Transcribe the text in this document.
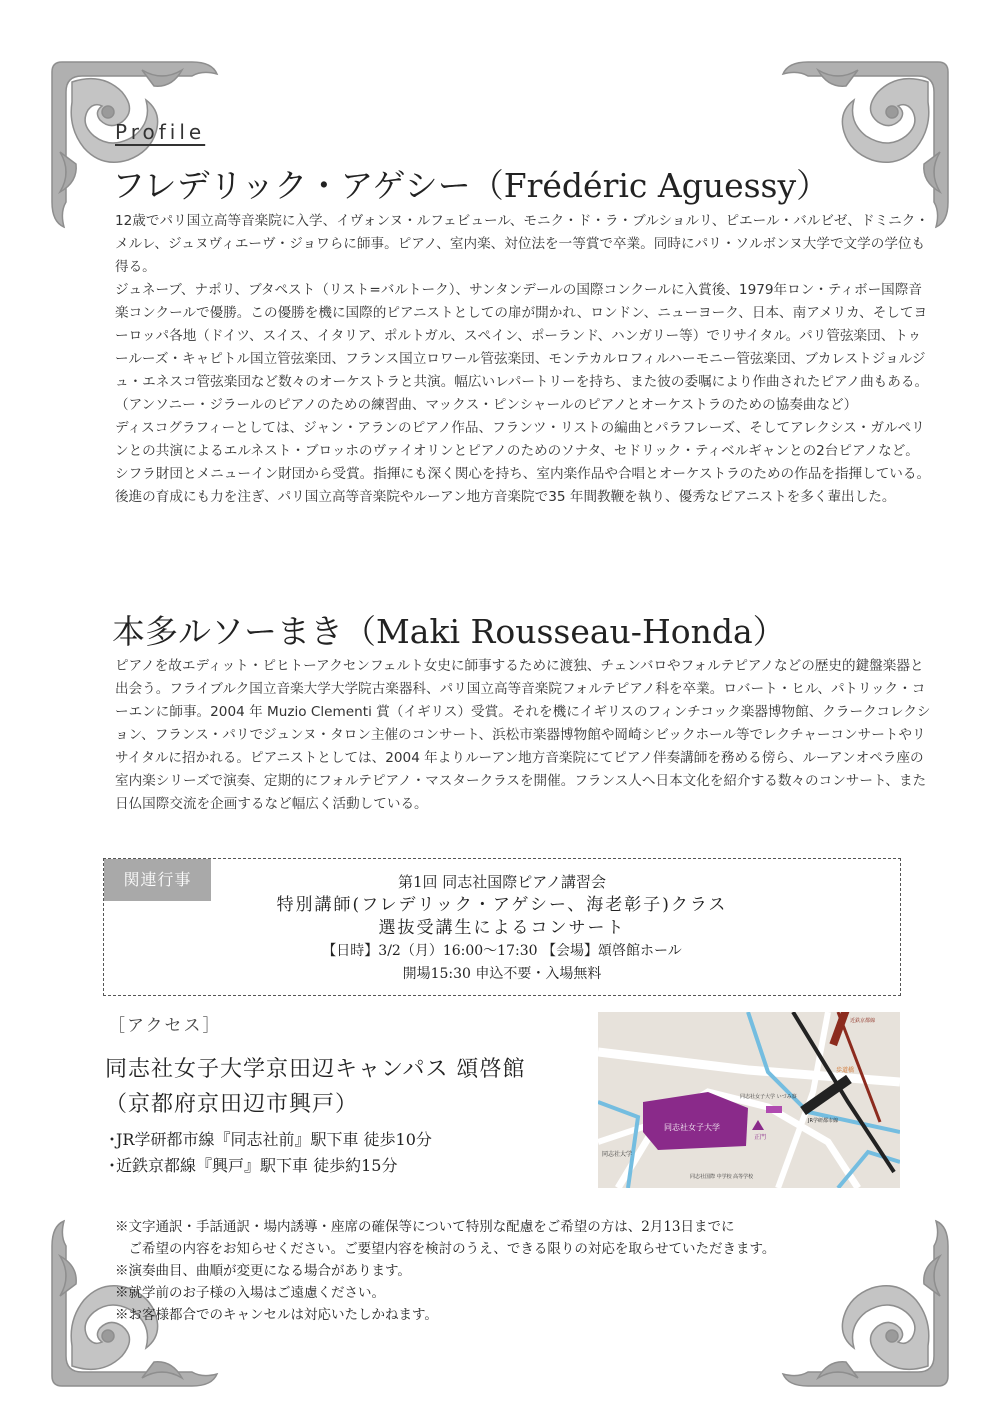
Profile
フレデリック・アゲシー（Frédéric Aguessy）

12歳でパリ国立高等音楽院に入学、イヴォンヌ・ルフェビュール、モニク・ド・ラ・ブルショルリ、ピエール・バルビゼ、ドミニク・メルレ、ジュヌヴィエーヴ・ジョワらに師事。ピアノ、室内楽、対位法を一等賞で卒業。同時にパリ・ソルボンヌ大学で文学の学位も得る。

ジュネーブ、ナポリ、ブタペスト（リスト=バルトーク）、サンタンデールの国際コンクールに入賞後、1979年ロン・ティボー国際音楽コンクールで優勝。この優勝を機に国際的ピアニストとしての扉が開かれ、ロンドン、ニューヨーク、日本、南アメリカ、そしてヨーロッパ各地（ドイツ、スイス、イタリア、ポルトガル、スペイン、ポーランド、ハンガリー等）でリサイタル。パリ管弦楽団、トゥールーズ・キャピトル国立管弦楽団、フランス国立ロワール管弦楽団、モンテカルロフィルハーモニー管弦楽団、ブカレストジョルジュ・エネスコ管弦楽団など数々のオーケストラと共演。幅広いレパートリーを持ち、また彼の委嘱により作曲されたピアノ曲もある。（アンソニー・ジラールのピアノのための練習曲、マックス・ピンシャールのピアノとオーケストラのための協奏曲など）

ディスコグラフィーとしては、ジャン・アランのピアノ作品、フランツ・リストの編曲とパラフレーズ、そしてアレクシス・ガルペリンとの共演によるエルネスト・ブロッホのヴァイオリンとピアノのためのソナタ、セドリック・ティベルギャンとの2台ピアノなど。

シフラ財団とメニューイン財団から受賞。指揮にも深く関心を持ち、室内楽作品や合唱とオーケストラのための作品を指揮している。

後進の育成にも力を注ぎ、パリ国立高等音楽院やルーアン地方音楽院で35 年間教鞭を執り、優秀なピアニストを多く輩出した。

本多ルソーまき（Maki Rousseau-Honda）

ピアノを故エディット・ピヒトーアクセンフェルト女史に師事するために渡独、チェンバロやフォルテピアノなどの歴史的鍵盤楽器と出会う。フライブルク国立音楽大学大学院古楽器科、パリ国立高等音楽院フォルテピアノ科を卒業。ロバート・ヒル、パトリック・コーエンに師事。2004 年 Muzio Clementi 賞（イギリス）受賞。それを機にイギリスのフィンチコック楽器博物館、クラークコレクション、フランス・パリでジュンヌ・タロン主催のコンサート、浜松市楽器博物館や岡崎シビックホール等でレクチャーコンサートやリサイタルに招かれる。ピアニストとしては、2004 年よりルーアン地方音楽院にてピアノ伴奏講師を務める傍ら、ルーアンオペラ座の室内楽シリーズで演奏、定期的にフォルテピアノ・マスタークラスを開催。フランス人へ日本文化を紹介する数々のコンサート、また日仏国際交流を企画するなど幅広く活動している。

関連行事	第1回 同志社国際ピアノ講習会
特別講師(フレデリック・アゲシー、海老彰子)クラス
選抜受講生によるコンサート
【日時】3/2（月）16:00〜17:30 【会場】頌啓館ホール
開場15:30 申込不要・入場無料
［アクセス］
同志社女子大学京田辺キャンパス 頌啓館
（京都府京田辺市興戸）
･JR学研都市線『同志社前』駅下車 徒歩10分
･近鉄京都線『興戸』駅下車 徒歩約15分
同志社女子大学
同志社女子大学 いづみ寮
正門
同志社大学
同志社国際 中学校 高等学校
歩道橋
近鉄京都線
JR学研都市線
※文字通訳・手話通訳・場内誘導・座席の確保等について特別な配慮をご希望の方は、2月13日までに
　ご希望の内容をお知らせください。ご要望内容を検討のうえ、できる限りの対応を取らせていただきます。
※演奏曲目、曲順が変更になる場合があります。
※就学前のお子様の入場はご遠慮ください。
※お客様都合でのキャンセルは対応いたしかねます。
